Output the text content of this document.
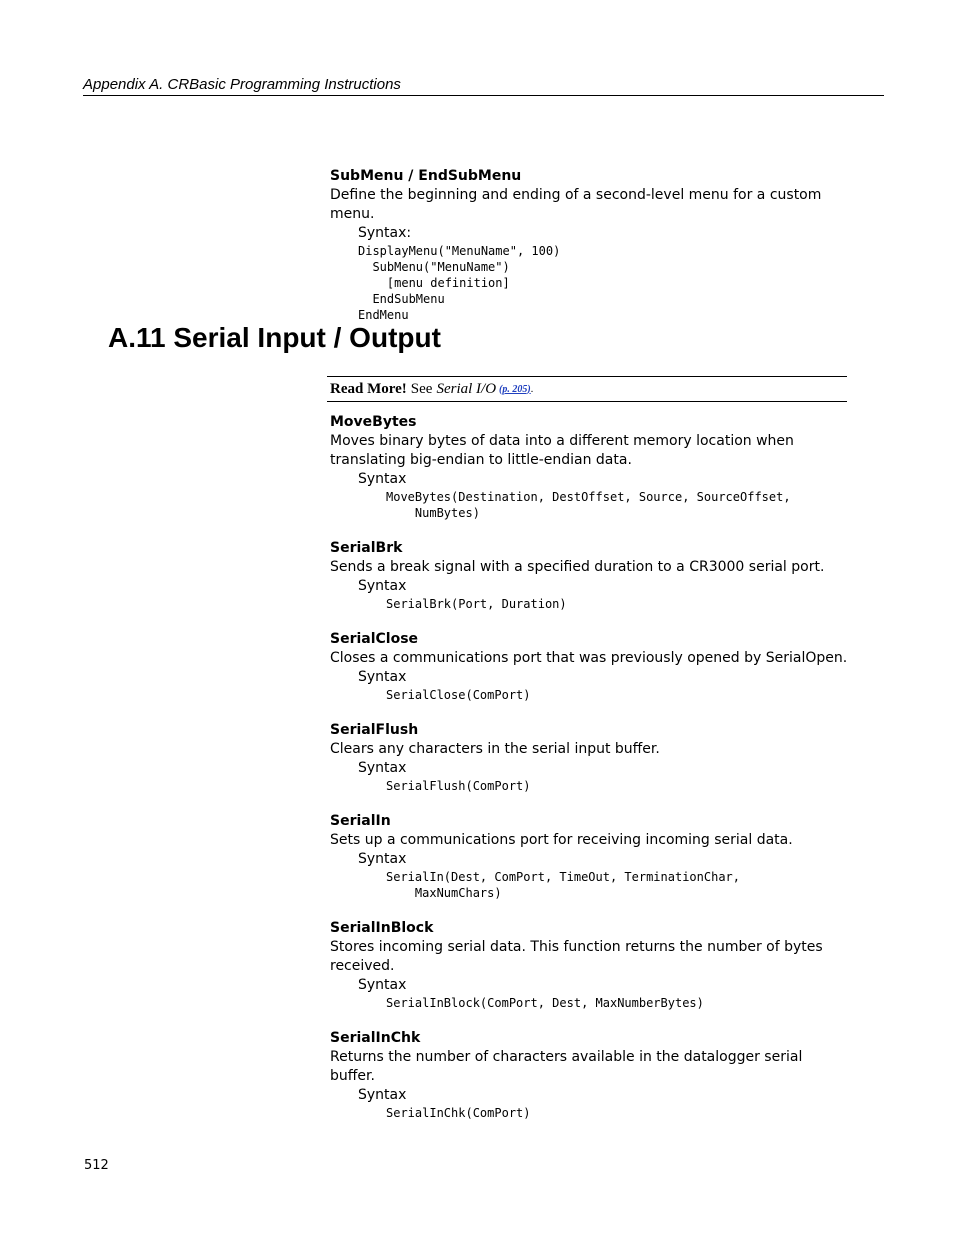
Appendix A. CRBasic Programming Instructions
SubMenu / EndSubMenu
Define the beginning and ending of a second-level menu for a custom menu.
Syntax:
DisplayMenu("MenuName", 100)
SubMenu("MenuName")
[menu definition]
EndSubMenu
EndMenu
A.11 Serial Input / Output
Read More! See Serial I/O (p. 205) .
MoveBytes
Moves binary bytes of data into a different memory location when translating big-endian to little-endian data.
Syntax
MoveBytes(Destination, DestOffset, Source, SourceOffset,
NumBytes)
SerialBrk
Sends a break signal with a specified duration to a CR3000 serial port.
Syntax
SerialBrk(Port, Duration)
SerialClose
Closes a communications port that was previously opened by SerialOpen.
Syntax
SerialClose(ComPort)
SerialFlush
Clears any characters in the serial input buffer.
Syntax
SerialFlush(ComPort)
SerialIn
Sets up a communications port for receiving incoming serial data.
Syntax
SerialIn(Dest, ComPort, TimeOut, TerminationChar,
MaxNumChars)
SerialInBlock
Stores incoming serial data. This function returns the number of bytes received.
Syntax
SerialInBlock(ComPort, Dest, MaxNumberBytes)
SerialInChk
Returns the number of characters available in the datalogger serial buffer.
Syntax
SerialInChk(ComPort)
512
